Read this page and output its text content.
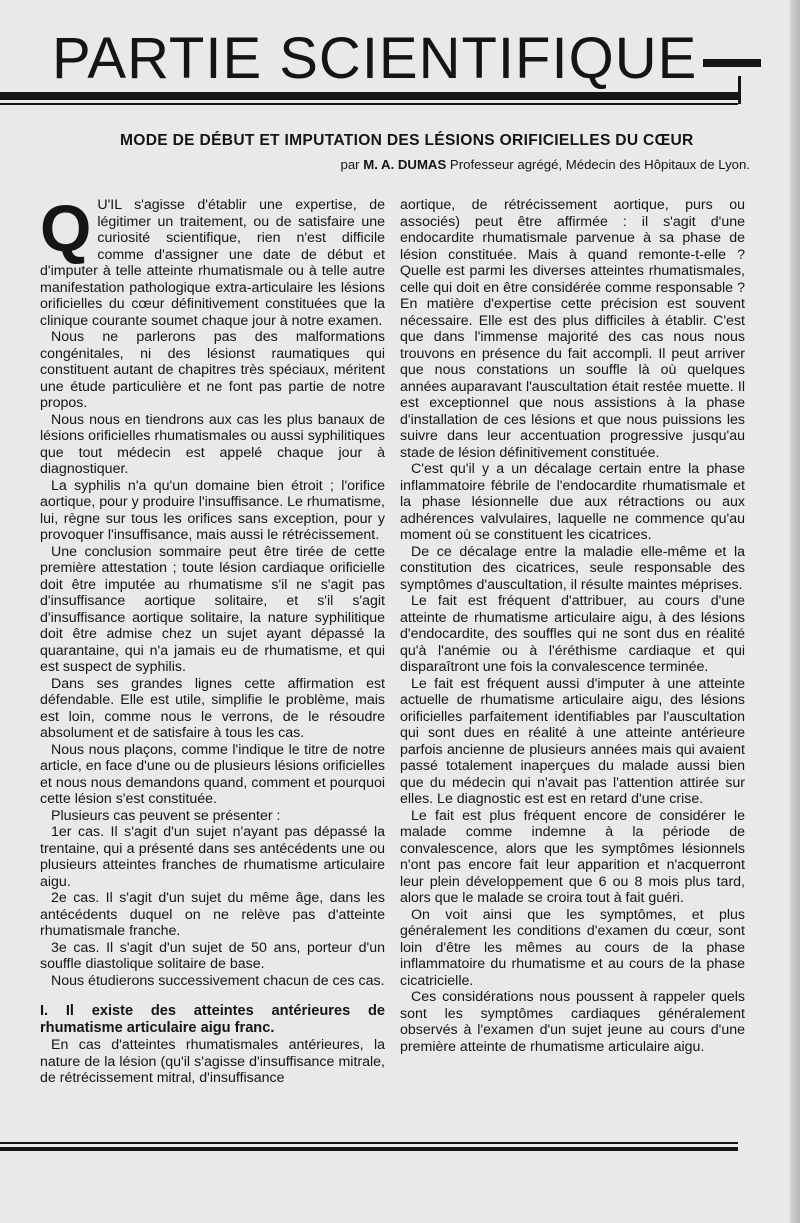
PARTIE SCIENTIFIQUE
MODE DE DÉBUT ET IMPUTATION DES LÉSIONS ORIFICIELLES DU CŒUR
par M. A. DUMAS Professeur agrégé, Médecin des Hôpitaux de Lyon.

Q U'IL s'agisse d'établir une expertise, de légitimer un traitement, ou de satisfaire une curiosité scientifique, rien n'est difficile comme d'assigner une date de début et d'imputer à telle atteinte rhumatismale ou à telle autre manifestation pathologique extra-articulaire les lésions orificielles du cœur définitivement constituées que la clinique courante soumet chaque jour à notre examen.

Nous ne parlerons pas des malformations congénitales, ni des lésionst raumatiques qui constituent autant de chapitres très spéciaux, méritent une étude particulière et ne font pas partie de notre propos.

Nous nous en tiendrons aux cas les plus banaux de lésions orificielles rhumatismales ou aussi syphilitiques que tout médecin est appelé chaque jour à diagnostiquer.

La syphilis n'a qu'un domaine bien étroit ; l'orifice aortique, pour y produire l'insuffisance. Le rhumatisme, lui, règne sur tous les orifices sans exception, pour y provoquer l'insuffisance, mais aussi le rétrécissement.

Une conclusion sommaire peut être tirée de cette première attestation ; toute lésion cardiaque orificielle doit être imputée au rhumatisme s'il ne s'agit pas d'insuffisance aortique solitaire, et s'il s'agit d'insuffisance aortique solitaire, la nature syphilitique doit être admise chez un sujet ayant dépassé la quarantaine, qui n'a jamais eu de rhumatisme, et qui est suspect de syphilis.

Dans ses grandes lignes cette affirmation est défendable. Elle est utile, simplifie le problème, mais est loin, comme nous le verrons, de le résoudre absolument et de satisfaire à tous les cas.

Nous nous plaçons, comme l'indique le titre de notre article, en face d'une ou de plusieurs lésions orificielles et nous nous demandons quand, comment et pourquoi cette lésion s'est constituée.

Plusieurs cas peuvent se présenter :

1er cas. Il s'agit d'un sujet n'ayant pas dépassé la trentaine, qui a présenté dans ses antécédents une ou plusieurs atteintes franches de rhumatisme articulaire aigu.

2e cas. Il s'agit d'un sujet du même âge, dans les antécédents duquel on ne relève pas d'atteinte rhumatismale franche.

3e cas. Il s'agit d'un sujet de 50 ans, porteur d'un souffle diastolique solitaire de base.

Nous étudierons successivement chacun de ces cas.

I. Il existe des atteintes antérieures de rhumatisme articulaire aigu franc.

En cas d'atteintes rhumatismales antérieures, la nature de la lésion (qu'il s'agisse d'insuffisance mitrale, de rétrécissement mitral, d'insuffisance

aortique, de rétrécissement aortique, purs ou associés) peut être affirmée : il s'agit d'une endocardite rhumatismale parvenue à sa phase de lésion constituée. Mais à quand remonte-t-elle ? Quelle est parmi les diverses atteintes rhumatismales, celle qui doit en être considérée comme responsable ? En matière d'expertise cette précision est souvent nécessaire. Elle est des plus difficiles à établir. C'est que dans l'immense majorité des cas nous nous trouvons en présence du fait accompli. Il peut arriver que nous constations un souffle là où quelques années auparavant l'auscultation était restée muette. Il est exceptionnel que nous assistions à la phase d'installation de ces lésions et que nous puissions les suivre dans leur accentuation progressive jusqu'au stade de lésion définitivement constituée.

C'est qu'il y a un décalage certain entre la phase inflammatoire fébrile de l'endocardite rhumatismale et la phase lésionnelle due aux rétractions ou aux adhérences valvulaires, laquelle ne commence qu'au moment où se constituent les cicatrices.

De ce décalage entre la maladie elle-même et la constitution des cicatrices, seule responsable des symptômes d'auscultation, il résulte maintes méprises.

Le fait est fréquent d'attribuer, au cours d'une atteinte de rhumatisme articulaire aigu, à des lésions d'endocardite, des souffles qui ne sont dus en réalité qu'à l'anémie ou à l'éréthisme cardiaque et qui disparaîtront une fois la convalescence terminée.

Le fait est fréquent aussi d'imputer à une atteinte actuelle de rhumatisme articulaire aigu, des lésions orificielles parfaitement identifiables par l'auscultation qui sont dues en réalité à une atteinte antérieure parfois ancienne de plusieurs années mais qui avaient passé totalement inaperçues du malade aussi bien que du médecin qui n'avait pas l'attention attirée sur elles. Le diagnostic est est en retard d'une crise.

Le fait est plus fréquent encore de considérer le malade comme indemne à la période de convalescence, alors que les symptômes lésionnels n'ont pas encore fait leur apparition et n'acquerront leur plein développement que 6 ou 8 mois plus tard, alors que le malade se croira tout à fait guéri.

On voit ainsi que les symptômes, et plus généralement les conditions d'examen du cœur, sont loin d'être les mêmes au cours de la phase inflammatoire du rhumatisme et au cours de la phase cicatricielle.

Ces considérations nous poussent à rappeler quels sont les symptômes cardiaques généralement observés à l'examen d'un sujet jeune au cours d'une première atteinte de rhumatisme articulaire aigu.
